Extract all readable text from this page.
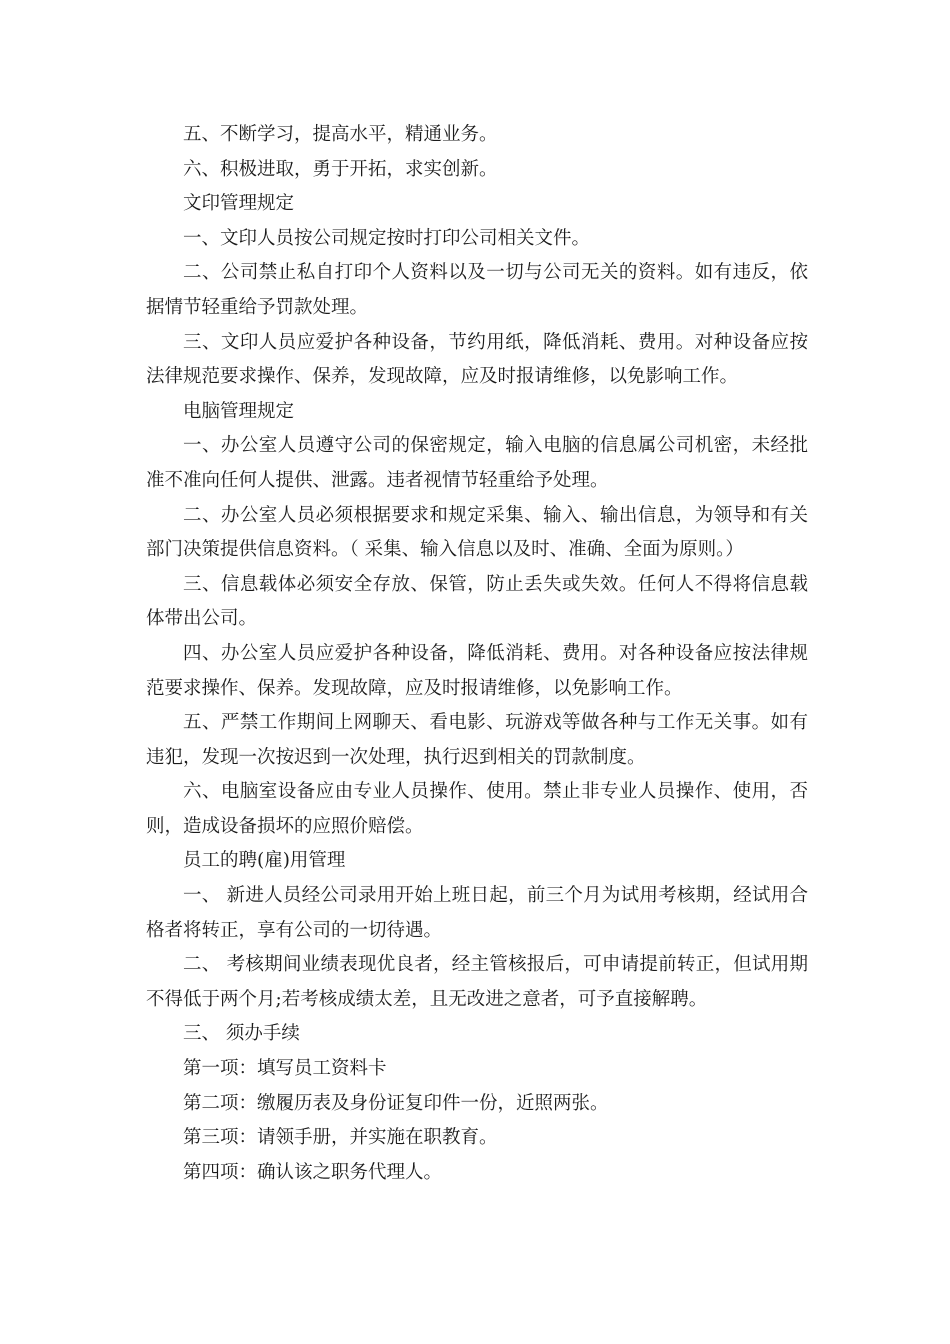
五、不断学习，提高水平，精通业务。

六、积极进取，勇于开拓，求实创新。

文印管理规定

一、文印人员按公司规定按时打印公司相关文件。

二、公司禁止私自打印个人资料以及一切与公司无关的资料。如有违反，依据情节轻重给予罚款处理。

三、文印人员应爱护各种设备，节约用纸，降低消耗、费用。对种设备应按法律规范要求操作、保养，发现故障，应及时报请维修，以免影响工作。

电脑管理规定

一、办公室人员遵守公司的保密规定，输入电脑的信息属公司机密，未经批准不准向任何人提供、泄露。违者视情节轻重给予处理。

二、办公室人员必须根据要求和规定采集、输入、输出信息，为领导和有关部门决策提供信息资料。（ 采集、输入信息以及时、准确、全面为原则。）

三、信息载体必须安全存放、保管，防止丢失或失效。任何人不得将信息载体带出公司。

四、办公室人员应爱护各种设备，降低消耗、费用。对各种设备应按法律规范要求操作、保养。发现故障，应及时报请维修，以免影响工作。

五、严禁工作期间上网聊天、看电影、玩游戏等做各种与工作无关事。如有违犯，发现一次按迟到一次处理，执行迟到相关的罚款制度。

六、电脑室设备应由专业人员操作、使用。禁止非专业人员操作、使用，否则，造成设备损坏的应照价赔偿。

员工的聘(雇)用管理

一、 新进人员经公司录用开始上班日起，前三个月为试用考核期，经试用合格者将转正，享有公司的一切待遇。

二、 考核期间业绩表现优良者，经主管核报后，可申请提前转正，但试用期不得低于两个月;若考核成绩太差，且无改进之意者，可予直接解聘。

三、 须办手续

第一项：填写员工资料卡

第二项：缴履历表及身份证复印件一份，近照两张。

第三项：请领手册，并实施在职教育。

第四项：确认该之职务代理人。
